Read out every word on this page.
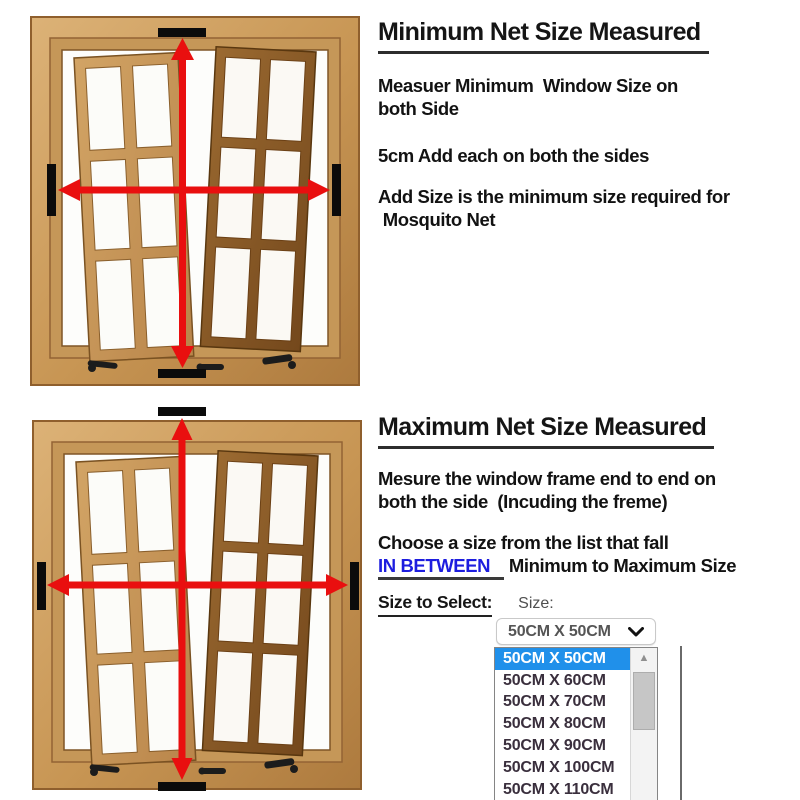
Minimum Net Size Measured

Measuer Minimum  Window Size on
both Side

5cm Add each on both the sides

Add Size is the minimum size required for
Mosquito Net

Maximum Net Size Measured

Mesure the window frame end to end on
both the side  (Incuding the freme)

Choose a size from the list that fall
IN BETWEEN Minimum to Maximum Size

Size to Select: Size:
50CM X 50CM
50CM X 50CM
50CM X 60CM
50CM X 70CM
50CM X 80CM
50CM X 90CM
50CM X 100CM
50CM X 110CM
▲
